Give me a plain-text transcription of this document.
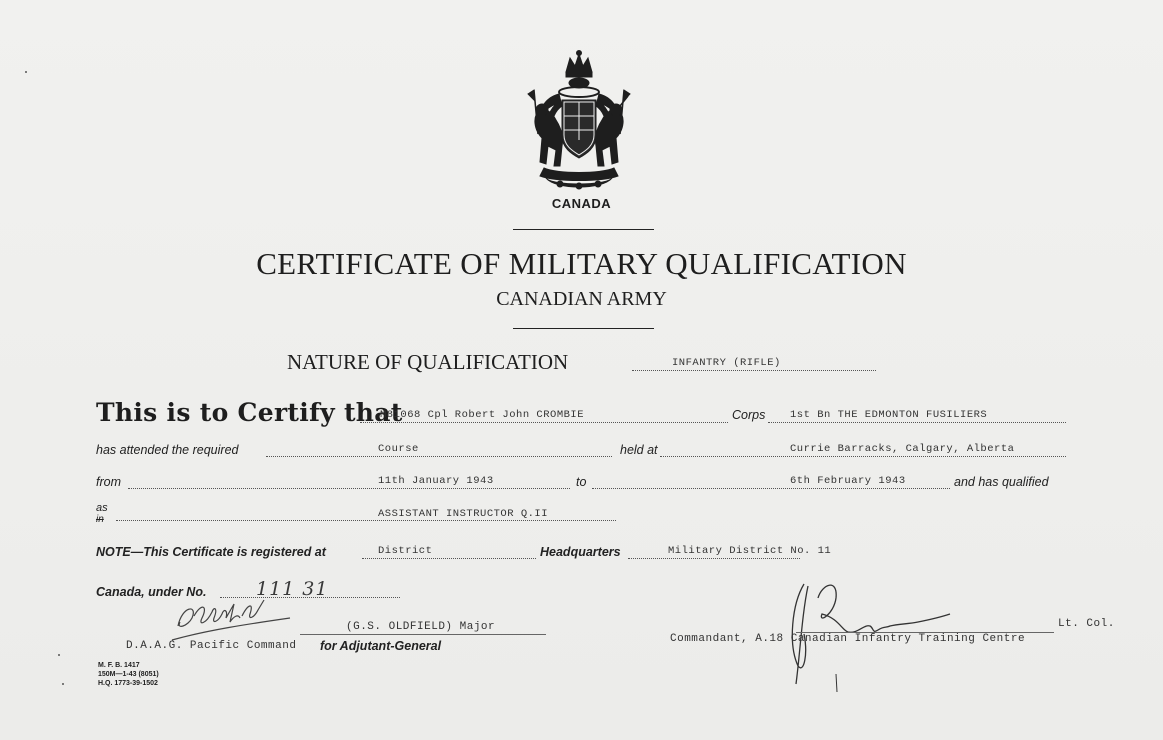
CANADA
CERTIFICATE OF MILITARY QUALIFICATION
CANADIAN ARMY
NATURE OF QUALIFICATION	INFANTRY (RIFLE)
This is to Certify that
M81068 Cpl Robert John CROMBIE	Corps 1st Bn THE EDMONTON FUSILIERS
has attended the required	Course	held at	Currie Barracks, Calgary, Alberta
from	11th January 1943	to	6th February 1943	and has qualified
as
in	ASSISTANT INSTRUCTOR Q.II
NOTE—This Certificate is registered at	District	Headquarters	Military District No. 11
Canada, under No.	111 31
(G.S. OLDFIELD) Major
D.A.A.G. Pacific Command for Adjutant-General
Lt. Col.
Commandant, A.18 Canadian Infantry Training Centre
M. F. B. 1417
150M—1-43 (8051)
H.Q. 1773-39-1502
